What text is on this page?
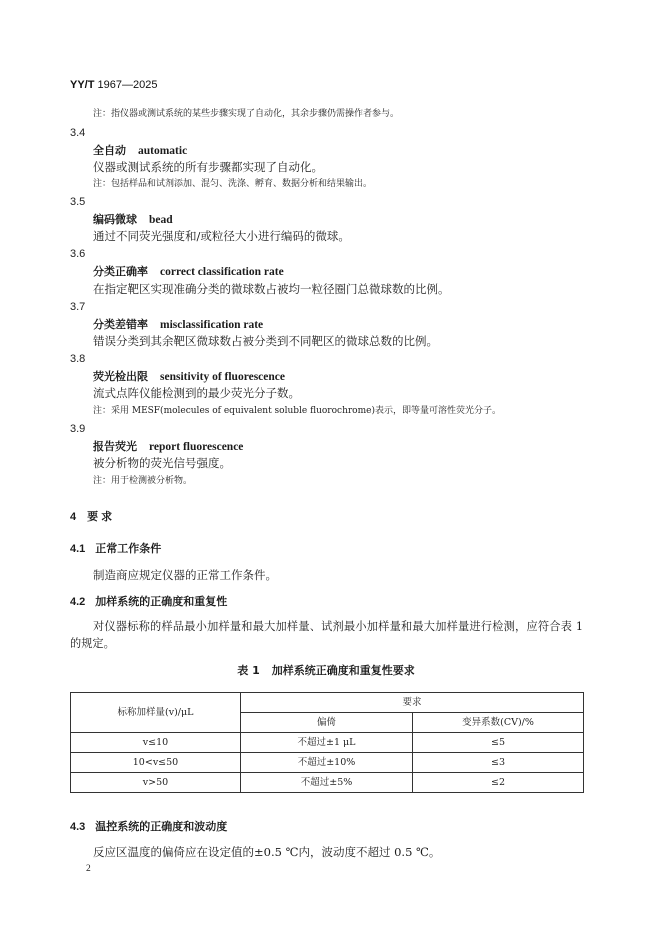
YY/T 1967—2025
注：指仪器或测试系统的某些步骤实现了自动化，其余步骤仍需操作者参与。
3.4
全自动 automatic
仪器或测试系统的所有步骤都实现了自动化。
注：包括样品和试剂添加、混匀、洗涤、孵育、数据分析和结果输出。
3.5
编码微球 bead
通过不同荧光强度和/或粒径大小进行编码的微球。
3.6
分类正确率 correct classification rate
在指定靶区实现准确分类的微球数占被均一粒径圈门总微球数的比例。
3.7
分类差错率 misclassification rate
错误分类到其余靶区微球数占被分类到不同靶区的微球总数的比例。
3.8
荧光检出限 sensitivity of fluorescence
流式点阵仪能检测到的最少荧光分子数。
注：采用 MESF(molecules of equivalent soluble fluorochrome)表示，即等量可溶性荧光分子。
3.9
报告荧光 report fluorescence
被分析物的荧光信号强度。
注：用于检测被分析物。
4 要求
4.1 正常工作条件
制造商应规定仪器的正常工作条件。
4.2 加样系统的正确度和重复性
对仪器标称的样品最小加样量和最大加样量、试剂最小加样量和最大加样量进行检测，应符合表 1
的规定。
表 1 加样系统正确度和重复性要求
标称加样量(v)/μL	要求	
	偏倚	变异系数(CV)/%
v≤10	不超过±1 μL	≤5
10<v≤50	不超过±10%	≤3
v>50	不超过±5%	≤2
4.3 温控系统的正确度和波动度
反应区温度的偏倚应在设定值的±0.5 ℃内，波动度不超过 0.5 ℃。
2
